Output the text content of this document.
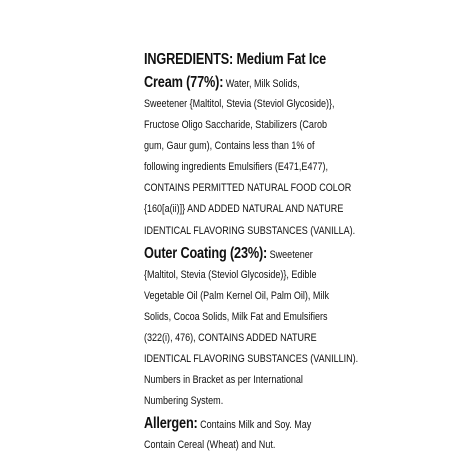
INGREDIENTS: Medium Fat Ice
Cream (77%): Water, Milk Solids,
Sweetener {Maltitol, Stevia (Steviol Glycoside)},
Fructose Oligo Saccharide, Stabilizers (Carob
gum, Gaur gum), Contains less than 1% of
following ingredients Emulsifiers (E471,E477),
CONTAINS PERMITTED NATURAL FOOD COLOR
{160[a(ii)]} AND ADDED NATURAL AND NATURE
IDENTICAL FLAVORING SUBSTANCES (VANILLA).
Outer Coating (23%): Sweetener
{Maltitol, Stevia (Steviol Glycoside)}, Edible
Vegetable Oil (Palm Kernel Oil, Palm Oil), Milk
Solids, Cocoa Solids, Milk Fat and Emulsifiers
(322(i), 476), CONTAINS ADDED NATURE
IDENTICAL FLAVORING SUBSTANCES (VANILLIN).
Numbers in Bracket as per International
Numbering System.
Allergen: Contains Milk and Soy. May
Contain Cereal (Wheat) and Nut.
